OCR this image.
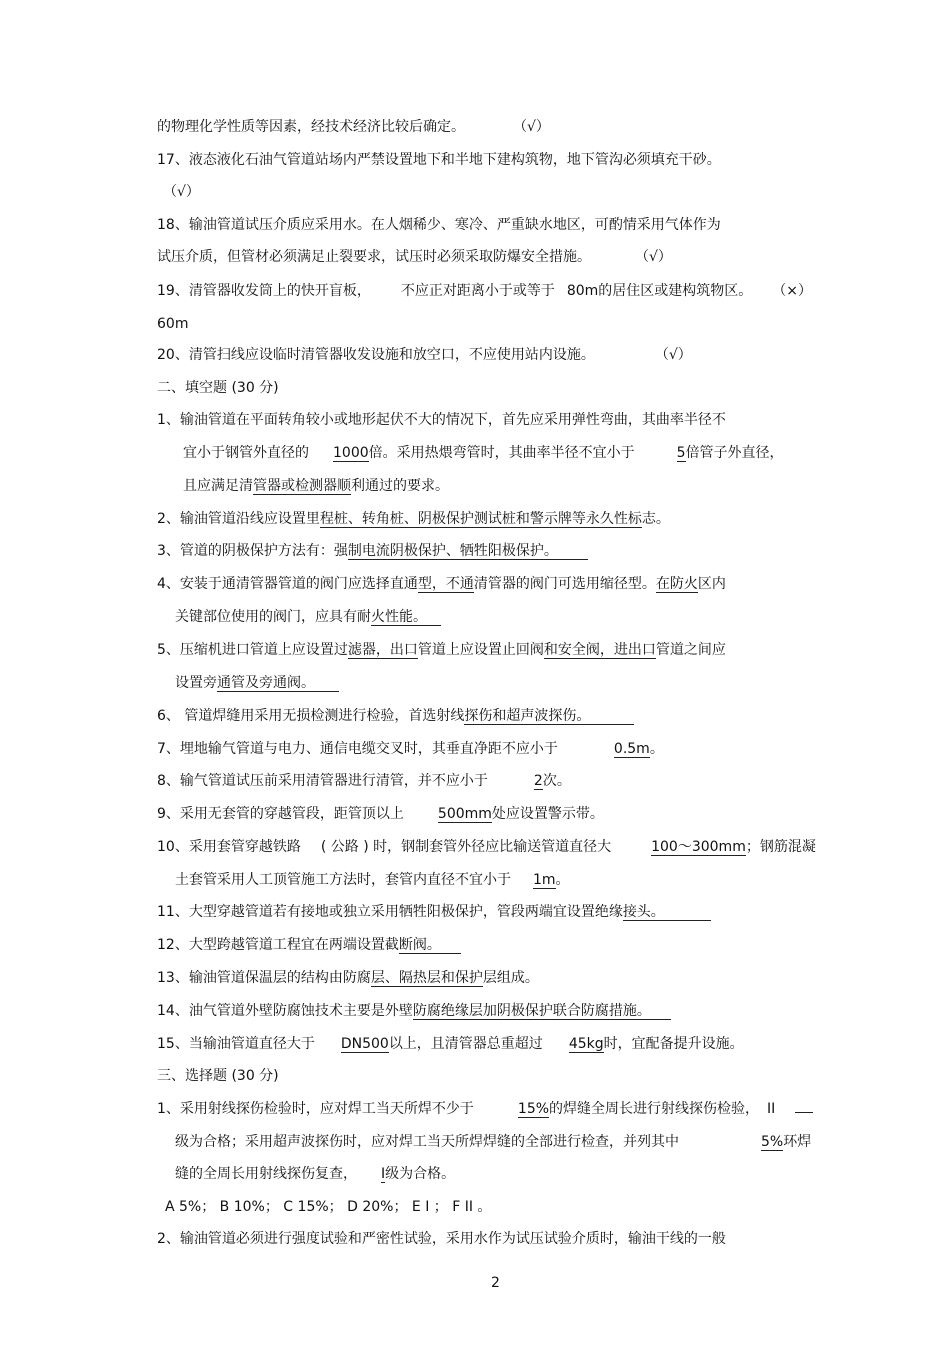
的物理化学性质等因素，经技术经济比较后确定。	（√）
17、液态液化石油气管道站场内严禁设置地下和半地下建构筑物，地下管沟必须填充干砂。
（√）
18、输油管道试压介质应采用水。在人烟稀少、寒冷、严重缺水地区，可酌情采用气体作为
试压介质，但管材必须满足止裂要求，试压时必须采取防爆安全措施。	（√）
19、清管器收发筒上的快开盲板， 不应正对距离小于或等于 80m的居住区或建构筑物区。 （×）
60m
20、清管扫线应设临时清管器收发设施和放空口，不应使用站内设施。	（√）
二、填空题 (30 分)
1、输油管道在平面转角较小或地形起伏不大的情况下，首先应采用弹性弯曲，其曲率半径不
宜小于钢管外直径的 1000倍。采用热煨弯管时，其曲率半径不宜小于	5倍管子外直径，
且应满足清管器或检测器顺利通过的要求。
2、输油管道沿线应设置里程桩、转角桩、阴极保护测试桩和警示牌等永久性标志。
3、管道的阴极保护方法有：强制电流阴极保护、牺牲阳极保护。
4、安装于通清管器管道的阀门应选择直通型，不通清管器的阀门可选用缩径型。在防火区内
关键部位使用的阀门，应具有耐火性能。
5、压缩机进口管道上应设置过滤器，出口管道上应设置止回阀和安全阀，进出口管道之间应
设置旁通管及旁通阀。
6、 管道焊缝用采用无损检测进行检验，首选射线探伤和超声波探伤。
7、埋地输气管道与电力、通信电缆交叉时，其垂直净距不应小于	0.5m。
8、输气管道试压前采用清管器进行清管，并不应小于	2次。
9、采用无套管的穿越管段，距管顶以上 500mm处应设置警示带。
10、采用套管穿越铁路 ( 公路 ) 时，钢制套管外径应比输送管道直径大	100～300mm；钢筋混凝
土套管采用人工顶管施工方法时，套管内直径不宜小于 1m。
11、大型穿越管道若有接地或独立采用牺牲阳极保护，管段两端宜设置绝缘接头。
12、大型跨越管道工程宜在两端设置截断阀。
13、输油管道保温层的结构由防腐层、隔热层和保护层组成。
14、油气管道外壁防腐蚀技术主要是外壁防腐绝缘层加阴极保护联合防腐措施。
15、当输油管道直径大于 DN500以上，且清管器总重超过 45kg时，宜配备提升设施。
三、选择题 (30 分)
1、采用射线探伤检验时，应对焊工当天所焊不少于	15%的焊缝全周长进行射线探伤检验， II
级为合格；采用超声波探伤时，应对焊工当天所焊焊缝的全部进行检查，并列其中	5%环焊
缝的全周长用射线探伤复查， I级为合格。
A 5%； B 10%； C 15%； D 20%； E I ； F II 。
2、输油管道必须进行强度试验和严密性试验，采用水作为试压试验介质时，输油干线的一般
2
